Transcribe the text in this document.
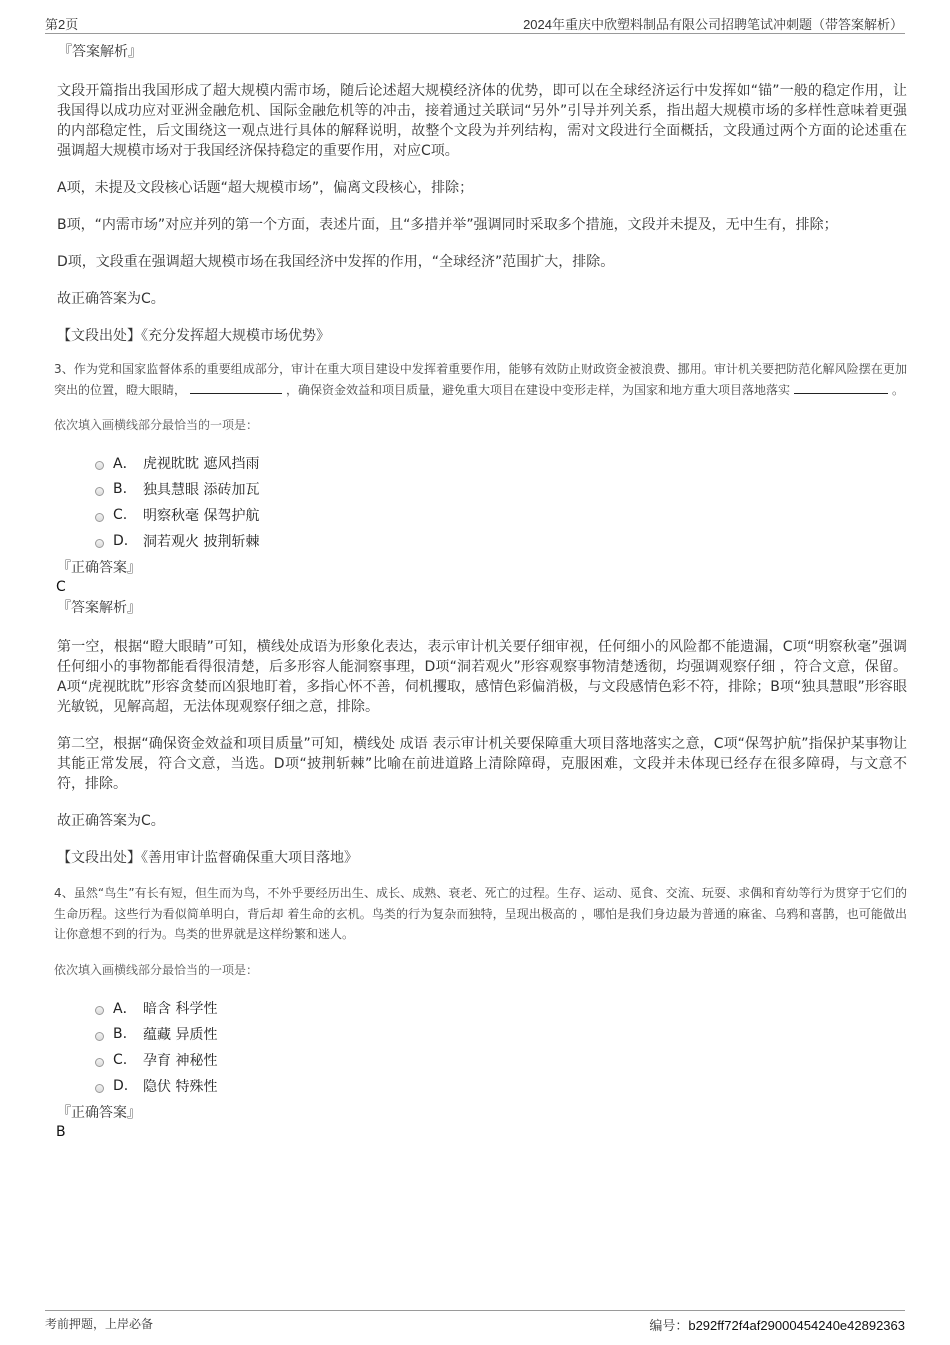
第2页	2024年重庆中欣塑料制品有限公司招聘笔试冲刺题（带答案解析）
『答案解析』

文段开篇指出我国形成了超大规模内需市场，随后论述超大规模经济体的优势，即可以在全球经济运行中发挥如“锚”一般的稳定作用，让我国得以成功应对亚洲金融危机、国际金融危机等的冲击，接着通过关联词“另外”引导并列关系，指出超大规模市场的多样性意味着更强的内部稳定性，后文围绕这一观点进行具体的解释说明，故整个文段为并列结构，需对文段进行全面概括，文段通过两个方面的论述重在强调超大规模市场对于我国经济保持稳定的重要作用，对应C项。

A项，未提及文段核心话题“超大规模市场”，偏离文段核心，排除；

B项，“内需市场”对应并列的第一个方面，表述片面，且“多措并举”强调同时采取多个措施，文段并未提及，无中生有，排除；

D项，文段重在强调超大规模市场在我国经济中发挥的作用，“全球经济”范围扩大，排除。

故正确答案为C。

【文段出处】《充分发挥超大规模市场优势》

3、作为党和国家监督体系的重要组成部分，审计在重大项目建设中发挥着重要作用，能够有效防止财政资金被浪费、挪用。审计机关要把防范化解风险摆在更加突出的位置，瞪大眼睛，	，确保资金效益和项目质量，避免重大项目在建设中变形走样，为国家和地方重大项目落地落实	。

依次填入画横线部分最恰当的一项是：
A． 虎视眈眈 遮风挡雨
B.	独具慧眼 添砖加瓦
C.	明察秋毫 保驾护航
D.	洞若观火 披荆斩棘
『正确答案』
C
『答案解析』

第一空，根据“瞪大眼睛”可知，横线处成语为形象化表达，表示审计机关要仔细审视，任何细小的风险都不能遗漏，C项“明察秋毫”强调任何细小的事物都能看得很清楚，后多形容人能洞察事理，D项“洞若观火”形容观察事物清楚透彻，均强调观察仔细 ，符合文意，保留。A项“虎视眈眈”形容贪婪而凶狠地盯着，多指心怀不善，伺机攫取，感情色彩偏消极，与文段感情色彩不符，排除；B项“独具慧眼”形容眼光敏锐，见解高超，无法体现观察仔细之意，排除。

第二空，根据“确保资金效益和项目质量”可知，横线处 成语 表示审计机关要保障重大项目落地落实之意，C项“保驾护航”指保护某事物让其能正常发展，符合文意，当选。D项“披荆斩棘”比喻在前进道路上清除障碍，克服困难，文段并未体现已经存在很多障碍，与文意不符，排除。

故正确答案为C。

【文段出处】《善用审计监督确保重大项目落地》

4、虽然“鸟生”有长有短，但生而为鸟，不外乎要经历出生、成长、成熟、衰老、死亡的过程。生存、运动、觅食、交流、玩耍、求偶和育幼等行为贯穿于它们的生命历程。这些行为看似简单明白，背后却 着生命的玄机。鸟类的行为复杂而独特，呈现出极高的 ，哪怕是我们身边最为普通的麻雀、乌鸦和喜鹊，也可能做出让你意想不到的行为。鸟类的世界就是这样纷繁和迷人。

依次填入画横线部分最恰当的一项是：
A． 暗含 科学性
B.	蕴藏 异质性
C.	孕育 神秘性
D.	隐伏 特殊性
『正确答案』
B
考前押题，上岸必备	编号：b292ff72f4af29000454240e42892363
